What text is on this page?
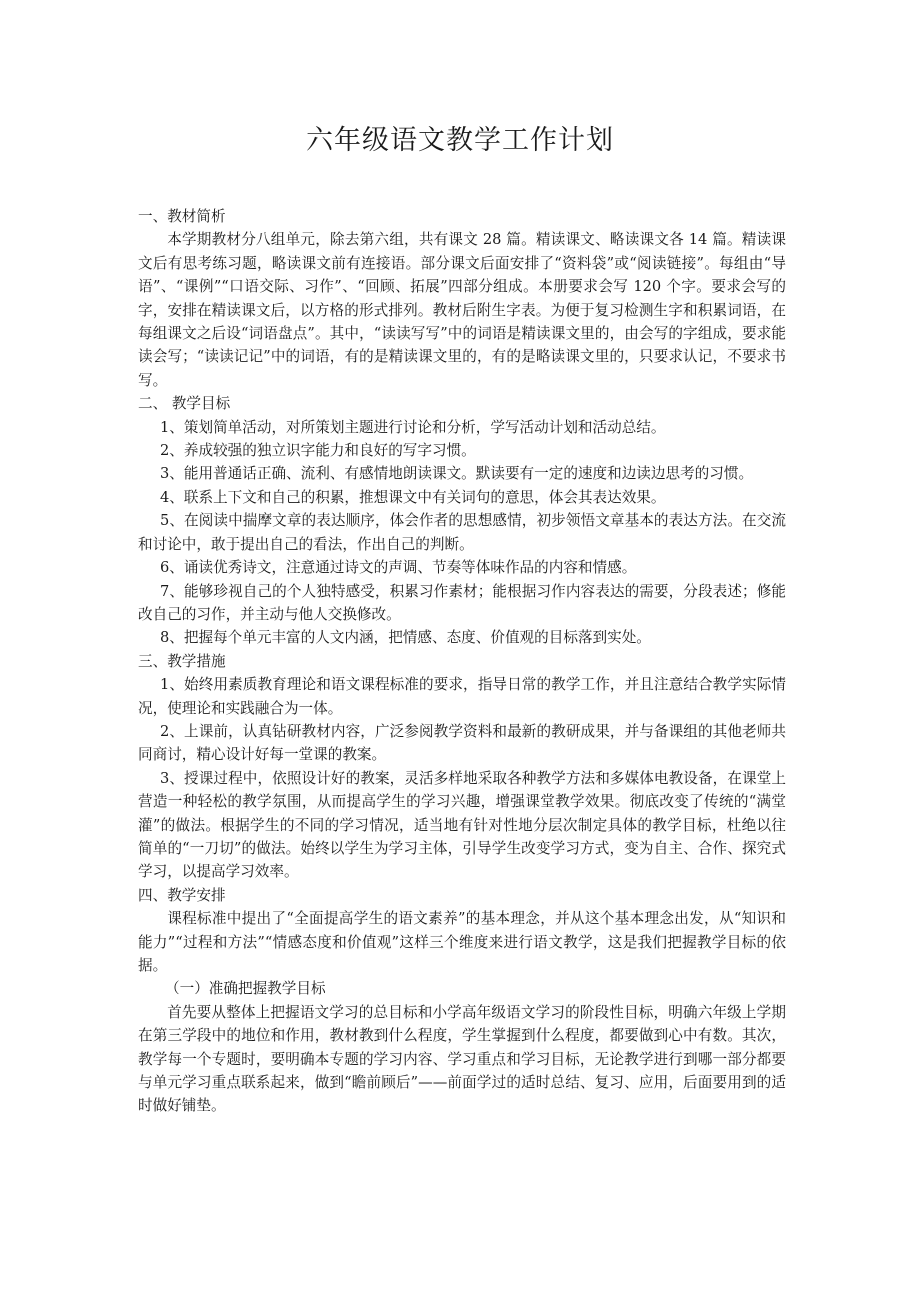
六年级语文教学工作计划

一、教材简析

本学期教材分八组单元，除去第六组，共有课文 28 篇。精读课文、略读课文各 14 篇。精读课文后有思考练习题，略读课文前有连接语。部分课文后面安排了“资料袋”或“阅读链接”。每组由“导语”、“课例”“口语交际、习作”、“回顾、拓展”四部分组成。本册要求会写 120 个字。要求会写的字，安排在精读课文后，以方格的形式排列。教材后附生字表。为便于复习检测生字和积累词语，在每组课文之后设“词语盘点”。其中，“读读写写”中的词语是精读课文里的，由会写的字组成，要求能读会写；“读读记记”中的词语，有的是精读课文里的，有的是略读课文里的，只要求认记，不要求书写。

二、 教学目标

1、策划简单活动，对所策划主题进行讨论和分析，学写活动计划和活动总结。

2、养成较强的独立识字能力和良好的写字习惯。

3、能用普通话正确、流利、有感情地朗读课文。默读要有一定的速度和边读边思考的习惯。

4、联系上下文和自己的积累，推想课文中有关词句的意思，体会其表达效果。

5、在阅读中揣摩文章的表达顺序，体会作者的思想感情，初步领悟文章基本的表达方法。在交流和讨论中，敢于提出自己的看法，作出自己的判断。

6、诵读优秀诗文，注意通过诗文的声调、节奏等体味作品的内容和情感。

7、能够珍视自己的个人独特感受，积累习作素材；能根据习作内容表达的需要，分段表述；修能改自己的习作，并主动与他人交换修改。

8、把握每个单元丰富的人文内涵，把情感、态度、价值观的目标落到实处。

三、教学措施

1、始终用素质教育理论和语文课程标准的要求，指导日常的教学工作，并且注意结合教学实际情况，使理论和实践融合为一体。

2、上课前，认真钻研教材内容，广泛参阅教学资料和最新的教研成果，并与备课组的其他老师共同商讨，精心设计好每一堂课的教案。

3、授课过程中，依照设计好的教案，灵活多样地采取各种教学方法和多媒体电教设备，在课堂上营造一种轻松的教学氛围，从而提高学生的学习兴趣，增强课堂教学效果。彻底改变了传统的“满堂灌”的做法。根据学生的不同的学习情况，适当地有针对性地分层次制定具体的教学目标，杜绝以往简单的“一刀切”的做法。始终以学生为学习主体，引导学生改变学习方式，变为自主、合作、探究式学习，以提高学习效率。

四、教学安排

课程标准中提出了“全面提高学生的语文素养”的基本理念，并从这个基本理念出发，从“知识和能力”“过程和方法”“情感态度和价值观”这样三个维度来进行语文教学，这是我们把握教学目标的依据。

（一）准确把握教学目标

首先要从整体上把握语文学习的总目标和小学高年级语文学习的阶段性目标，明确六年级上学期在第三学段中的地位和作用，教材教到什么程度，学生掌握到什么程度，都要做到心中有数。其次，教学每一个专题时，要明确本专题的学习内容、学习重点和学习目标，无论教学进行到哪一部分都要与单元学习重点联系起来，做到“瞻前顾后”——前面学过的适时总结、复习、应用，后面要用到的适时做好铺垫。
